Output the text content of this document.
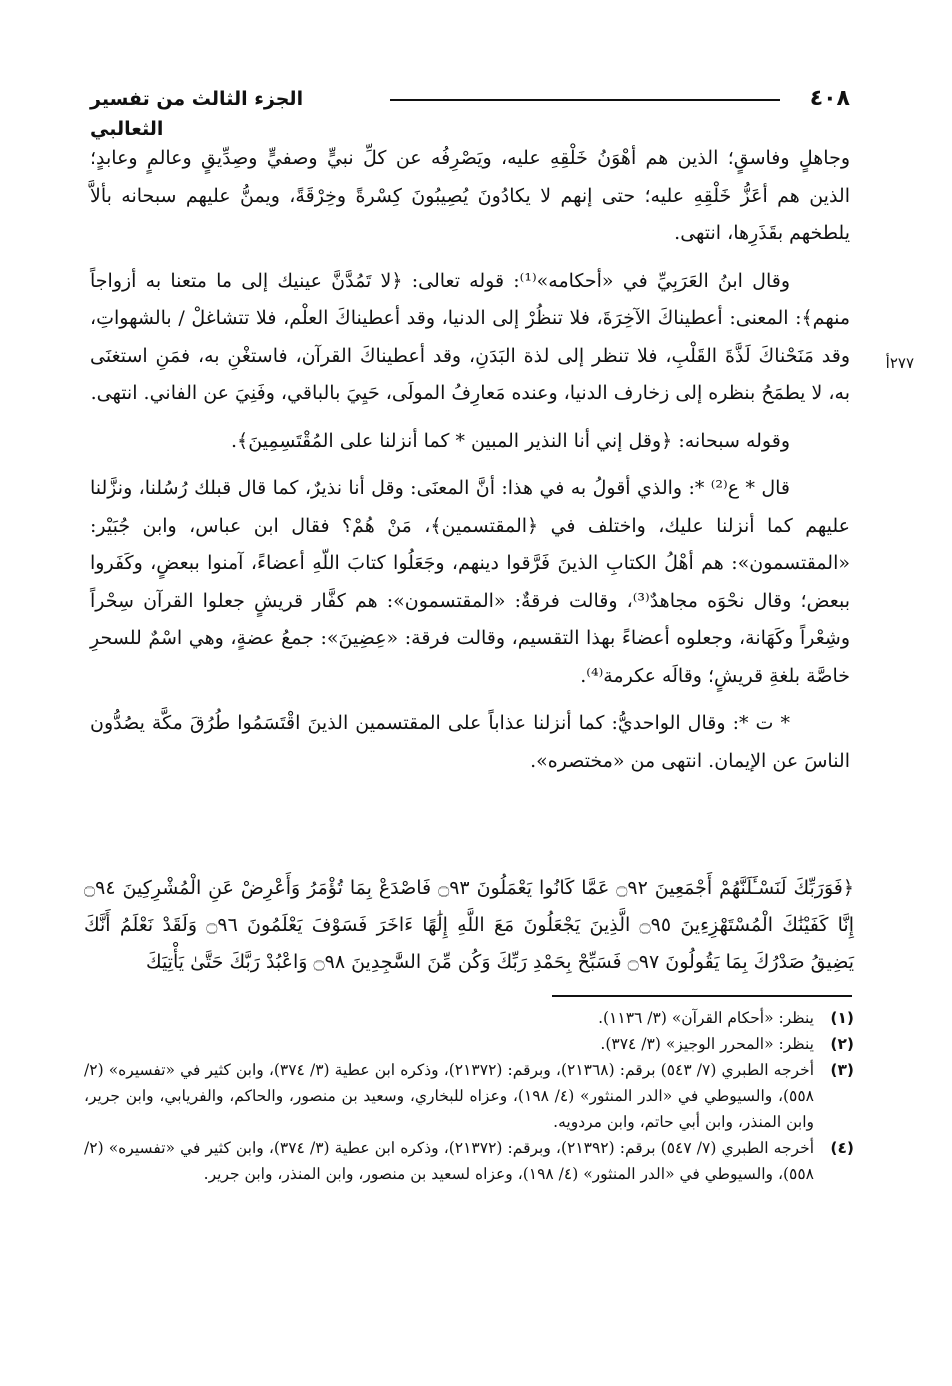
٤٠٨
الجزء الثالث من تفسير الثعالبي
٢٧٧أ

وجاهلٍ وفاسقٍ؛ الذين هم أهْوَنُ خَلْقِهِ عليه، ويَصْرِفُه عن كلِّ نبيٍّ وصفيٍّ وصِدِّيقٍ وعالمٍ وعابدٍ؛ الذين هم أعَزُّ خَلْقِهِ عليه؛ حتى إنهم لا يكادُونَ يُصِيبُونَ كِسْرةً وخِرْقَةً، ويمنُّ عليهم سبحانه بألاَّ يلطخهم بقَذَرِها، انتهى.

وقال ابنُ العَرَبِيِّ في «أحكامه»⁽¹⁾: قوله تعالى: ﴿لا تَمُدَّنَّ عينيك إلى ما متعنا به أزواجاً منهم﴾: المعنى: أعطيناكَ الآخِرَةَ، فلا تنظُرْ إلى الدنيا، وقد أعطيناكَ العلْم، فلا تتشاغلْ / بالشهواتِ، وقد مَنَحْناكَ لَذَّةَ القَلْبِ، فلا تنظر إلى لذة البَدَنِ، وقد أعطيناكَ القرآن، فاستغْنِ به، فمَنِ استغنَى به، لا يطمَحُ بنظره إلى زخارف الدنيا، وعنده مَعارِفُ المولَى، حَيِيَ بالباقي، وفَنِيَ عن الفاني. انتهى.

وقوله سبحانه: ﴿وقل إني أنا النذير المبين * كما أنزلنا على المُقْتَسِمِينَ﴾.

قال * ع⁽²⁾ *: والذي أقولُ به في هذا: أنَّ المعنَى: وقل أنا نذيرٌ، كما قال قبلك رُسُلنا، ونزَّلنا عليهم كما أنزلنا عليك، واختلف في ﴿المقتسمين﴾، مَنْ هُمْ؟ فقال ابن عباس، وابن جُبَيْر: «المقتسمون»: هم أهْلُ الكتابِ الذينَ فَرَّقوا دينهم، وجَعَلُوا كتابَ اللّهِ أعضاءً، آمنوا ببعضٍ، وكَفَروا ببعض؛ وقال نحْوَه مجاهدٌ⁽³⁾، وقالت فرقةٌ: «المقتسمون»: هم كفَّار قريشٍ جعلوا القرآن سِحْراً وشِعْراً وكَهَانة، وجعلوه أعضاءً بهذا التقسيم، وقالت فرقة: «عِضِينَ»: جمعُ عضةٍ، وهي اسْمٌ للسحرِ خاصَّة بلغةِ قريشٍ؛ وقالَه عكرمة⁽⁴⁾.

* ت *: وقال الواحديُّ: كما أنزلنا عذاباً على المقتسمين الذينَ اقْتَسَمُوا طُرُقَ مكَّة يصُدُّون الناسَ عن الإيمان. انتهى من «مختصره».

﴿فَوَرَبِّكَ لَنَسْـَٔلَنَّهُمْ أَجْمَعِينَ ۝٩٢ عَمَّا كَانُوا يَعْمَلُونَ ۝٩٣ فَاصْدَعْ بِمَا تُؤْمَرُ وَأَعْرِضْ عَنِ الْمُشْرِكِينَ ۝٩٤ إِنَّا كَفَيْنَٰكَ الْمُسْتَهْزِءِينَ ۝٩٥ الَّذِينَ يَجْعَلُونَ مَعَ اللَّهِ إِلَٰهًا ءَاخَرَ فَسَوْفَ يَعْلَمُونَ ۝٩٦ وَلَقَدْ نَعْلَمُ أَنَّكَ يَضِيقُ صَدْرُكَ بِمَا يَقُولُونَ ۝٩٧ فَسَبِّحْ بِحَمْدِ رَبِّكَ وَكُن مِّنَ السَّٰجِدِينَ ۝٩٨ وَاعْبُدْ رَبَّكَ حَتَّىٰ يَأْتِيَكَ
(١)
ينظر: «أحكام القرآن» (٣/ ١١٣٦).
(٢)
ينظر: «المحرر الوجيز» (٣/ ٣٧٤).
(٣)
أخرجه الطبري (٧/ ٥٤٣) برقم: (٢١٣٦٨)، وبرقم: (٢١٣٧٢)، وذكره ابن عطية (٣/ ٣٧٤)، وابن كثير في «تفسيره» (٢/ ٥٥٨)، والسيوطي في «الدر المنثور» (٤/ ١٩٨)، وعزاه للبخاري، وسعيد بن منصور، والحاكم، والفريابي، وابن جرير، وابن المنذر، وابن أبي حاتم، وابن مردويه.
(٤)
أخرجه الطبري (٧/ ٥٤٧) برقم: (٢١٣٩٢)، وبرقم: (٢١٣٧٢)، وذكره ابن عطية (٣/ ٣٧٤)، وابن كثير في «تفسيره» (٢/ ٥٥٨)، والسيوطي في «الدر المنثور» (٤/ ١٩٨)، وعزاه لسعيد بن منصور، وابن المنذر، وابن جرير.
